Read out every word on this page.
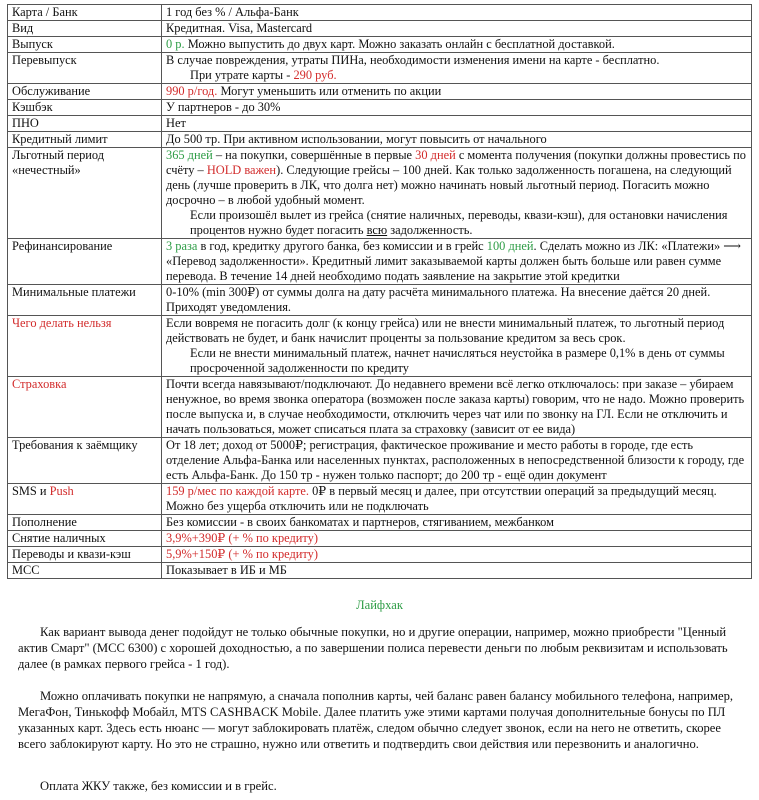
Карта / Банк	1 год без % / Альфа-Банк

Вид	Кредитная. Visa, Mastercard

Выпуск	0 р. Можно выпустить до двух карт. Можно заказать онлайн с бесплатной доставкой.

Перевыпуск	В случае повреждения, утраты ПИНа, необходимости изменения имени на карте - бесплатно.
При утрате карты - 290 руб.

Обслуживание	990 р/год. Могут уменьшить или отменить по акции

Кэшбэк	У партнеров - до 30%

ПНО	Нет

Кредитный лимит	До 500 тр. При активном использовании, могут повысить от начального

Льготный период «нечестный»	365 дней – на покупки, совершённые в первые 30 дней с момента получения (покупки должны провестись по счёту – HOLD важен). Следующие грейсы – 100 дней. Как только задолженность погашена, на следующий день (лучше проверить в ЛК, что долга нет) можно начинать новый льготный период. Погасить можно досрочно – в любой удобный момент.
Если произошёл вылет из грейса (снятие наличных, переводы, квази-кэш), для остановки начисления процентов нужно будет погасить всю задолженность.

Рефинансирование	3 раза в год, кредитку другого банка, без комиссии и в грейс 100 дней. Сделать можно из ЛК: «Платежи» ⟶ «Перевод задолженности». Кредитный лимит заказываемой карты должен быть больше или равен сумме перевода. В течение 14 дней необходимо подать заявление на закрытие этой кредитки

Минимальные платежи	0-10% (min 300₽) от суммы долга на дату расчёта минимального платежа. На внесение даётся 20 дней. Приходят уведомления.

Чего делать нельзя	Если вовремя не погасить долг (к концу грейса) или не внести минимальный платеж, то льготный период действовать не будет, и банк начислит проценты за пользование кредитом за весь срок.
Если не внести минимальный платеж, начнет начисляться неустойка в размере 0,1% в день от суммы просроченной задолженности по кредиту

Страховка	Почти всегда навязывают/подключают. До недавнего времени всё легко отключалось: при заказе – убираем ненужное, во время звонка оператора (возможен после заказа карты) говорим, что не надо. Можно проверить после выпуска и, в случае необходимости, отключить через чат или по звонку на ГЛ. Если не отключить и начать пользоваться, может списаться плата за страховку (зависит от ее вида)

Требования к заёмщику	От 18 лет; доход от 5000₽; регистрация, фактическое проживание и место работы в городе, где есть отделение Альфа-Банка или населенных пунктах, расположенных в непосредственной близости к городу, где есть Альфа-Банк. До 150 тр - нужен только паспорт; до 200 тр - ещё один документ

SMS и Push	159 р/мес по каждой карте. 0₽ в первый месяц и далее, при отсутствии операций за предыдущий месяц. Можно без ущерба отключить или не подключать

Пополнение	Без комиссии - в своих банкоматах и партнеров, стягиванием, межбанком

Снятие наличных	3,9%+390₽ (+ % по кредиту)

Переводы и квази-кэш	5,9%+150₽ (+ % по кредиту)

МСС	Показывает в ИБ и МБ
Лайфхак

Как вариант вывода денег подойдут не только обычные покупки, но и другие операции, например, можно приобрести "Ценный актив Смарт" (МСС 6300) с хорошей доходностью, а по завершении полиса перевести деньги по любым реквизитам и использовать далее (в рамках первого грейса - 1 год).

Можно оплачивать покупки не напрямую, а сначала пополнив карты, чей баланс равен балансу мобильного телефона, например, МегаФон, Тинькофф Мобайл, MTS CASHBACK Mobile. Далее платить уже этими картами получая дополнительные бонусы по ПЛ указанных карт. Здесь есть нюанс — могут заблокировать платёж, следом обычно следует звонок, если на него не ответить, скорее всего заблокируют карту. Но это не страшно, нужно или ответить и подтвердить свои действия или перезвонить и аналогично.

Оплата ЖКУ также, без комиссии и в грейс.
